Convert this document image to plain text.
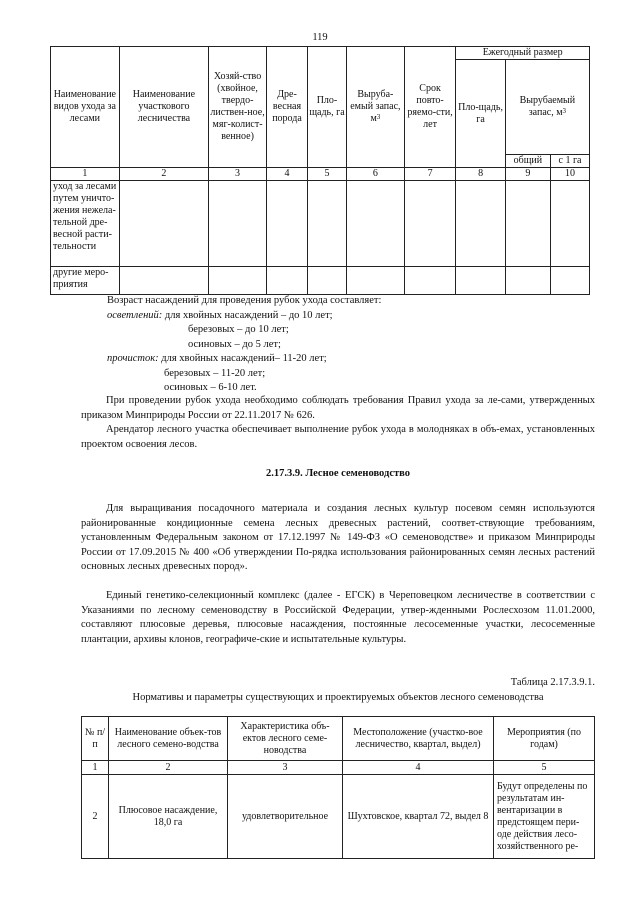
119
Наименование видов ухода за лесами	Наименование участкового лесничества	Хозяй-ство (хвойное, твердо-листвен-ное, мяг-колист-венное)	Дре-весная порода	Пло-щадь, га	Выруба-емый запас, $м^3$	Срок повто-ряемо-сти, лет	Ежегодный размер		
							Пло-щадь, га	Вырубаемый запас, $м^3$
								общий	с 1 га
1	2	3	4	5	6	7	8	9	10
уход за лесами путем уничто-жения нежела-тельной дре-весной расти-тельности									
другие меро-приятия									
Возраст насаждений для проведения рубок ухода составляет:
осветлений: для хвойных насаждений – до 10 лет;
березовых – до 10 лет;
осиновых – до 5 лет;
прочисток: для хвойных насаждений– 11-20 лет;
березовых – 11-20 лет;
осиновых – 6-10 лет.
При проведении рубок ухода необходимо соблюдать требования Правил ухода за ле-сами, утвержденных приказом Минприроды России от 22.11.2017 № 626.
Арендатор лесного участка обеспечивает выполнение рубок ухода в молодняках в объ-емах, установленных проектом освоения лесов.
2.17.3.9. Лесное семеноводство
Для выращивания посадочного материала и создания лесных культур посевом семян используются районированные кондиционные семена лесных древесных растений, соответ-ствующие требованиям, установленным Федеральным законом от 17.12.1997 № 149-ФЗ «О семеноводстве» и приказом Минприроды России от 17.09.2015 № 400 «Об утверждении По-рядка использования районированных семян лесных растений основных лесных древесных пород».
Единый генетико-селекционный комплекс (далее - ЕГСК) в Череповецком лесничестве в соответствии с Указаниями по лесному семеноводству в Российской Федерации, утвер-жденными Рослесхозом 11.01.2000, составляют плюсовые деревья, плюсовые насаждения, постоянные лесосеменные участки, лесосеменные плантации, архивы клонов, географиче-ские и испытательные культуры.
Таблица 2.17.3.9.1.
Нормативы и параметры существующих и проектируемых объектов лесного семеноводства
№ п/п	Наименование объек-тов лесного семено-водства	Характеристика объ-ектов лесного семе-новодства	Местоположение (участко-вое лесничество, квартал, выдел)	Мероприятия (по годам)
1	2	3	4	5
2	Плюсовое насаждение, 18,0 га	удовлетворительное	Шухтовское, квартал 72, выдел 8	Будут определены по результатам ин-вентаризации в предстоящем пери-оде действия лесо-хозяйственного ре-
